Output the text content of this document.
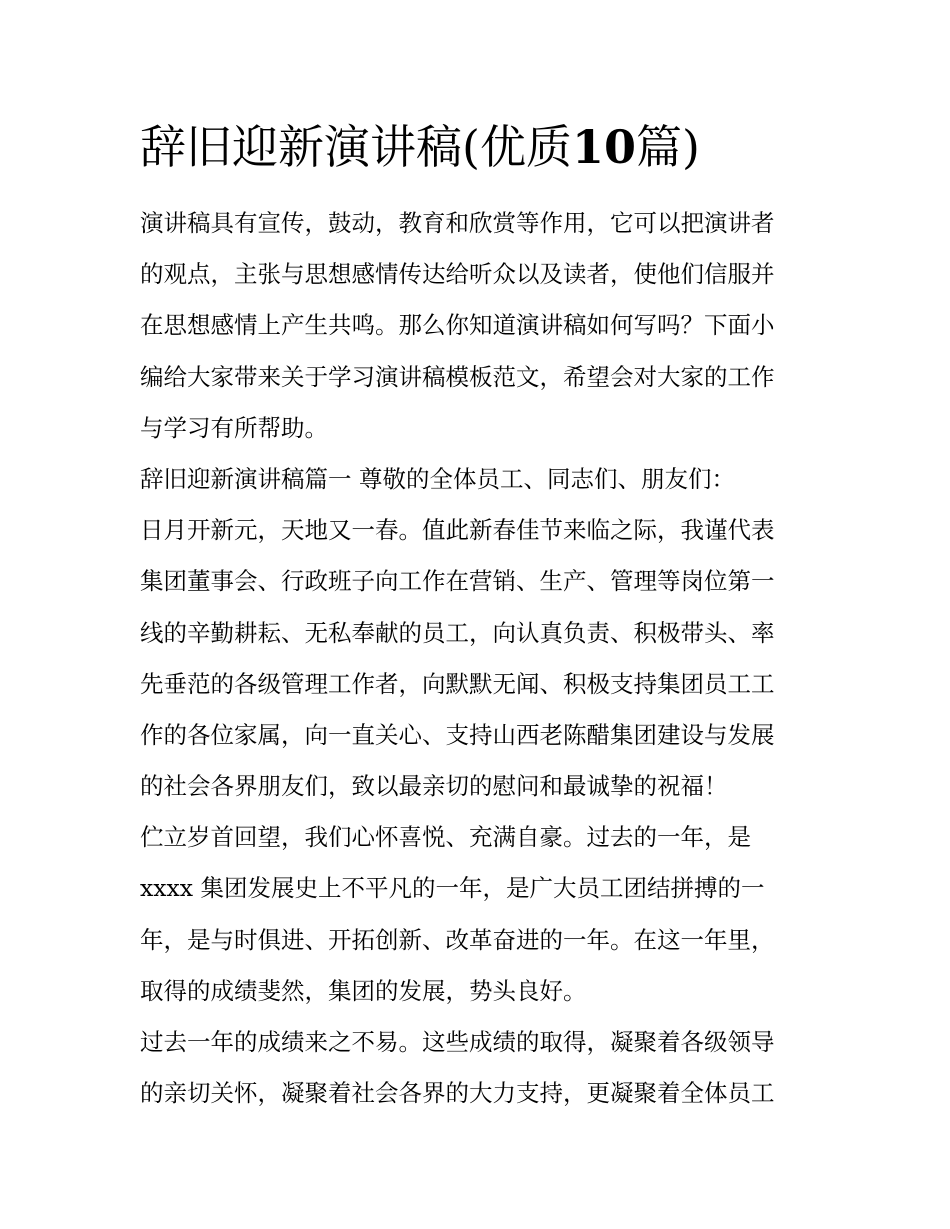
辞旧迎新演讲稿(优质10篇)
演讲稿具有宣传，鼓动，教育和欣赏等作用，它可以把演讲者
的观点，主张与思想感情传达给听众以及读者，使他们信服并
在思想感情上产生共鸣。那么你知道演讲稿如何写吗？下面小
编给大家带来关于学习演讲稿模板范文，希望会对大家的工作
与学习有所帮助。
辞旧迎新演讲稿篇一 尊敬的全体员工、同志们、朋友们：
日月开新元，天地又一春。值此新春佳节来临之际，我谨代表
集团董事会、行政班子向工作在营销、生产、管理等岗位第一
线的辛勤耕耘、无私奉献的员工，向认真负责、积极带头、率
先垂范的各级管理工作者，向默默无闻、积极支持集团员工工
作的各位家属，向一直关心、支持山西老陈醋集团建设与发展
的社会各界朋友们，致以最亲切的慰问和最诚挚的祝福！
伫立岁首回望，我们心怀喜悦、充满自豪。过去的一年，是
xxxx 集团发展史上不平凡的一年，是广大员工团结拼搏的一
年，是与时俱进、开拓创新、改革奋进的一年。在这一年里，
取得的成绩斐然，集团的发展，势头良好。
过去一年的成绩来之不易。这些成绩的取得，凝聚着各级领导
的亲切关怀，凝聚着社会各界的大力支持，更凝聚着全体员工
